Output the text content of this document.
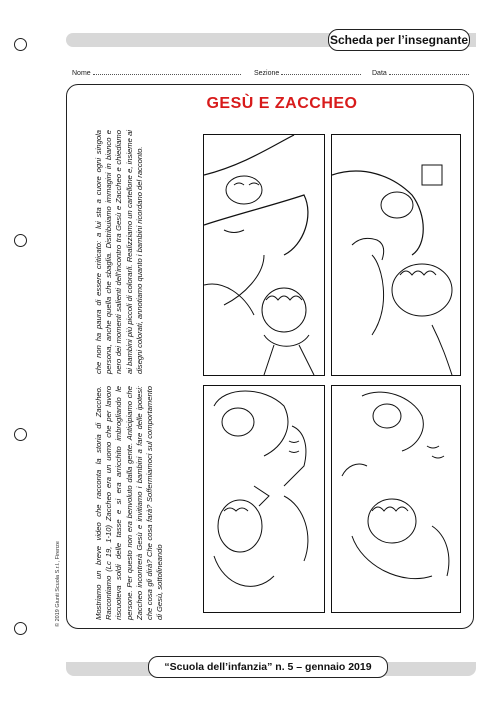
Scheda per l’insegnante
Nome	Sezione	Data
GESÙ E ZACCHEO
Mostriamo un breve video che racconta la storia di Zaccheo. Raccontiamo (Lc 19, 1-10) Zaccheo era un uomo che per lavoro riscuoteva soldi delle tasse e si era arricchito imbrogliando le persone. Per questo non era benvoluto dalla gente. Anticipiamo che Zaccheo incontrerà Gesù e invitiamo i bambini a fare delle ipotesi: che cosa gli dirà? Che cosa farà? Soffermiamoci sul comportamento di Gesù, sottolineando
che non ha paura di essere criticato: a lui sta a cuore ogni singola persona, anche quella che sbaglia. Distribuiamo immagini in bianco e nero dei momenti salienti dell’incontro tra Gesù e Zaccheo e chiediamo ai bambini più piccoli di colorarli. Realizziamo un cartellone e, insieme ai disegni colorati, annotiamo quanto i bambini ricordano del racconto.
© 2019 Giunti Scuola S.r.l., Firenze
“Scuola dell’infanzia” n. 5 – gennaio 2019
